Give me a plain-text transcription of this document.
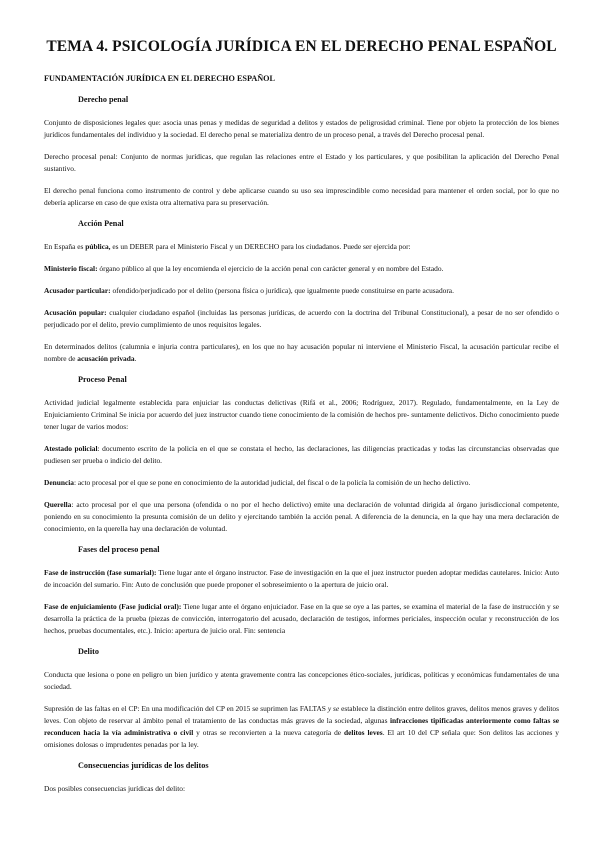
TEMA 4. PSICOLOGÍA JURÍDICA EN EL DERECHO PENAL ESPAÑOL
FUNDAMENTACIÓN JURÍDICA EN EL DERECHO ESPAÑOL
Derecho penal

Conjunto de disposiciones legales que: asocia unas penas y medidas de seguridad a delitos y estados de peligrosidad criminal. Tiene por objeto la protección de los bienes jurídicos fundamentales del individuo y la sociedad. El derecho penal se materializa dentro de un proceso penal, a través del Derecho procesal penal.

Derecho procesal penal: Conjunto de normas jurídicas, que regulan las relaciones entre el Estado y los particulares, y que posibilitan la aplicación del Derecho Penal sustantivo.

El derecho penal funciona como instrumento de control y debe aplicarse cuando su uso sea imprescindible como necesidad para mantener el orden social, por lo que no debería aplicarse en caso de que exista otra alternativa para su preservación.

Acción Penal

En España es pública, es un DEBER para el Ministerio Fiscal y un DERECHO para los ciudadanos. Puede ser ejercida por:

Ministerio fiscal: órgano público al que la ley encomienda el ejercicio de la acción penal con carácter general y en nombre del Estado.

Acusador particular: ofendido/perjudicado por el delito (persona física o jurídica), que igualmente puede constituirse en parte acusadora.

Acusación popular: cualquier ciudadano español (incluidas las personas jurídicas, de acuerdo con la doctrina del Tribunal Constitucional), a pesar de no ser ofendido o perjudicado por el delito, previo cumplimiento de unos requisitos legales.

En determinados delitos (calumnia e injuria contra particulares), en los que no hay acusación popular ni interviene el Ministerio Fiscal, la acusación particular recibe el nombre de acusación privada.

Proceso Penal

Actividad judicial legalmente establecida para enjuiciar las conductas delictivas (Rifá et al., 2006; Rodríguez, 2017). Regulado, fundamentalmente, en la Ley de Enjuiciamiento Criminal Se inicia por acuerdo del juez instructor cuando tiene conocimiento de la comisión de hechos pre- suntamente delictivos. Dicho conocimiento puede tener lugar de varios modos:

Atestado policial: documento escrito de la policía en el que se constata el hecho, las declaraciones, las diligencias practicadas y todas las circunstancias observadas que pudiesen ser prueba o indicio del delito.

Denuncia: acto procesal por el que se pone en conocimiento de la autoridad judicial, del fiscal o de la policía la comisión de un hecho delictivo.

Querella: acto procesal por el que una persona (ofendida o no por el hecho delictivo) emite una declaración de voluntad dirigida al órgano jurisdiccional competente, poniendo en su conocimiento la presunta comisión de un delito y ejercitando también la acción penal. A diferencia de la denuncia, en la que hay una mera declaración de conocimiento, en la querella hay una declaración de voluntad.

Fases del proceso penal

Fase de instrucción (fase sumarial): Tiene lugar ante el órgano instructor. Fase de investigación en la que el juez instructor pueden adoptar medidas cautelares. Inicio: Auto de incoación del sumario. Fin: Auto de conclusión que puede proponer el sobreseimiento o la apertura de juicio oral.

Fase de enjuiciamiento (Fase judicial oral): Tiene lugar ante el órgano enjuiciador. Fase en la que se oye a las partes, se examina el material de la fase de instrucción y se desarrolla la práctica de la prueba (piezas de convicción, interrogatorio del acusado, declaración de testigos, informes periciales, inspección ocular y reconstrucción de los hechos, pruebas documentales, etc.). Inicio: apertura de juicio oral. Fin: sentencia

Delito

Conducta que lesiona o pone en peligro un bien jurídico y atenta gravemente contra las concepciones ético-sociales, jurídicas, políticas y económicas fundamentales de una sociedad.

Supresión de las faltas en el CP: En una modificación del CP en 2015 se suprimen las FALTAS y se establece la distinción entre delitos graves, delitos menos graves y delitos leves. Con objeto de reservar al ámbito penal el tratamiento de las conductas más graves de la sociedad, algunas infracciones tipificadas anteriormente como faltas se reconducen hacia la vía administrativa o civil y otras se reconvierten a la nueva categoría de delitos leves. El art 10 del CP señala que: Son delitos las acciones y omisiones dolosas o imprudentes penadas por la ley.

Consecuencias jurídicas de los delitos

Dos posibles consecuencias jurídicas del delito:
